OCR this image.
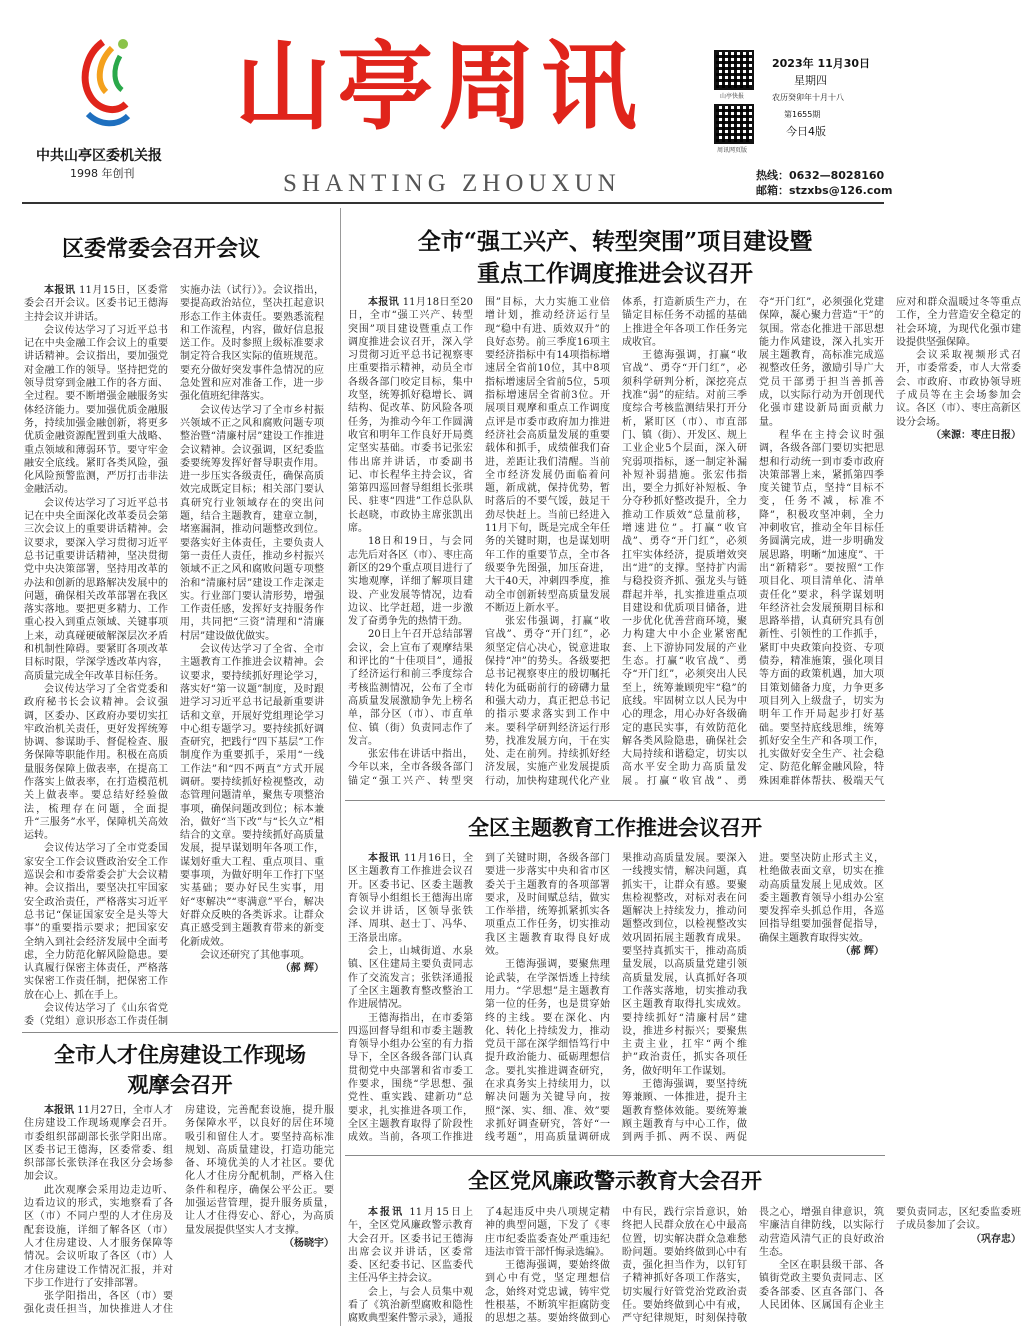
中共山亭区委机关报
1998 年创刊
山亭周讯
SHANTING ZHOUXUN
山亭快报
周讯网页版
2023年 11月30日
星期四
农历癸卯年十月十八
第1655期
今日4版
热线：0632—8028160
邮箱：stzxbs@126.com
区委常委会召开会议

本报讯 11月15日，区委常委会召开会议。区委书记王德海主持会议并讲话。

会议传达学习了习近平总书记在中央金融工作会议上的重要讲话精神。会议指出，要加强党对金融工作的领导。坚持把党的领导贯穿到金融工作的各方面、全过程。要不断增强金融服务实体经济能力。要加强优质金融服务，持续加强金融创新，将更多优质金融资源配置到重大战略、重点领域和薄弱环节。要守牢金融安全底线。紧盯各类风险，强化风险预警监测，严厉打击非法金融活动。

会议传达学习了习近平总书记在中央全面深化改革委员会第三次会议上的重要讲话精神。会议要求，要深入学习贯彻习近平总书记重要讲话精神，坚决贯彻党中央决策部署，坚持用改革的办法和创新的思路解决发展中的问题，确保相关改革部署在我区落实落地。要把更多精力、工作重心投入到重点领域、关键事项上来，动真碰硬破解深层次矛盾和机制性障碍。要紧盯各项改革目标时限，学深学透改革内容，高质量完成全年改革目标任务。

会议传达学习了全省党委和政府秘书长会议精神。会议强调，区委办、区政府办要切实扛牢政治机关责任，更好发挥统筹协调、参谋助手、督促检查、服务保障等职能作用。积极在高质量服务保障上做表率，在提高工作落实上做表率，在打造模范机关上做表率。要总结好经验做法，梳理存在问题，全面提升“三服务”水平，保障机关高效运转。

会议传达学习了全市党委国家安全工作会议暨政治安全工作巡误会和市委常委会扩大会议精神。会议指出，要坚决扛牢国家安全政治责任，严格落实习近平总书记“保证国家安全是头等大事”的重要指示要求；把国家安全纳入到社会经济发展中全面考虑，全力防范化解风险隐患。要认真履行保密主体责任，严格落实保密工作责任制，把保密工作放在心上、抓在手上。

会议传达学习了《山东省党委（党组）意识形态工作责任制实施办法（试行）》。会议指出，要提高政治站位，坚决扛起意识形态工作主体责任。要熟悉流程和工作流程，内容，做好信息报送工作。及时参照上级标准要求制定符合我区实际的值班规范。要充分做好突发事件急情况的应急处置和应对准备工作，进一步强化值班纪律落实。

会议传达学习了全市乡村振兴领域不正之风和腐败问题专项整治暨“清廉村居”建设工作推进会议精神。会议强调，区纪委监委要统筹发挥好督导职责作用。进一步压实各级责任，确保高质效完成既定目标；相关部门要认真研究行业领域存在的突出问题，结合主题教育，建章立制，堵塞漏洞，推动问题整改到位。要落实好主体责任，主要负责人第一责任人责任，推动乡村振兴领域不正之风和腐败问题专项整治和“清廉村居”建设工作走深走实。行业部门要认清形势，增强工作责任感，发挥好支持服务作用，共同把“三资”清理和“清廉村居”建设做优做实。

会议传达学习了全省、全市主题教育工作推进会议精神。会议要求，要持续抓好理论学习，落实好“第一议题”制度，及时跟进学习习近平总书记最新重要讲话和文章，开展好党组理论学习中心组专题学习。要持续抓好调查研究，把践行“四下基层”工作制度作为重要抓手，采用“一线工作法”和“四不两直”方式开展调研。要持续抓好检视整改，动态管理问题清单，聚焦专项整治事项，确保问题改到位；标本兼治，做好“当下改”与“长久立”相结合的文章。要持续抓好高质量发展，提早谋划明年各项工作，谋划好重大工程、重点项目、重要事项，为做好明年工作打下坚实基础；要办好民生实事，用好“枣解决”“枣满意”平台，解决好群众反映的各类诉求。让群众真正感受到主题教育带来的新变化新成效。

会议还研究了其他事项。

（郝 辉）
全市人才住房建设工作现场
观摩会召开

本报讯 11月27日，全市人才住房建设工作现场观摩会召开。市委组织部副部长张学阳出席。区委书记王德海，区委常委、组织部部长张铁泽在我区分会场参加会议。

此次观摩会采用边走边听、边看边议的形式，实地察看了各区（市）不同户型的人才住房及配套设施，详细了解各区（市）人才住房建设、人才服务保障等情况。会议听取了各区（市）人才住房建设工作情况汇报，并对下步工作进行了安排部署。

张学阳指出，各区（市）要强化责任担当，加快推进人才住房建设，完善配套设施，提升服务保障水平，以良好的居住环境吸引和留住人才。要坚持高标准规划、高质量建设，打造功能完备、环境优美的人才社区。要优化人才住房分配机制，严格入住条件和程序，确保公平公正。要加强运营管理，提升服务质量，让人才住得安心、舒心，为高质量发展提供坚实人才支撑。

（杨晓宇）
全市“强工兴产、转型突围”项目建设暨
重点工作调度推进会议召开

本报讯 11月18日至20日，全市“强工兴产、转型突围”项目建设暨重点工作调度推进会议召开，深入学习贯彻习近平总书记视察枣庄重要指示精神，动员全市各级各部门咬定目标，集中攻坚，统筹抓好稳增长、调结构、促改革、防风险各项任务，为推动今年工作圆满收官和明年工作良好开局奠定坚实基础。市委书记张宏伟出席并讲话，市委副书记、市长程华主持会议，省第第四巡回督导组组长张琪民、驻枣“四进”工作总队队长赵晓，市政协主席张凯出席。

18日和19日，与会同志先后对各区（市）、枣庄高新区的29个重点项目进行了实地观摩，详细了解项目建设、产业发展等情况，边看边议、比学赶超，进一步激发了奋勇争先的热情干劲。

20日上午召开总结部署会议，会上宣布了观摩结果和评比的“十佳项目”，通报了经济运行和前三季度综合考核监测情况，公布了全市高质量发展激励争先上榜名单，部分区（市）、市直单位、镇（街）负责同志作了发言。

张宏伟在讲话中指出，今年以来，全市各级各部门锚定“强工兴产、转型突围”目标，大力实施工业倍增计划，推动经济运行呈现“稳中有进、质效双升”的良好态势。前三季度16项主要经济指标中有14项指标增速居全省前10位，其中8项指标增速居全省前5位，5项指标增速居全省前3位。开展项目观摩和重点工作调度点评是市委市政府加力推进经济社会高质量发展的重要载体和抓手，成绩催我们奋进，差距让我们清醒。当前全市经济发展仍面临着问题，新成就，保持优势，暂时落后的不要气馁，鼓足干劲尽快赶上。当前已经进入11月下旬，既是完成全年任务的关键时期，也是谋划明年工作的重要节点，全市各级要争先图强，加压奋进，大干40天，冲刺四季度，推动全市创新转型高质量发展不断迈上新水平。

张宏伟强调，打赢“收官战”、勇夺“开门红”，必须坚定信心决心，锐意进取保持“冲”的势头。各级要把总书记视察枣庄的殷切嘱托转化为砥砺前行的磅礴力量和强大动力，真正把总书记的指示要求落实到工作中来。要科学研判经济运行形势，找准发展方向，干在实处、走在前列。持续抓好经济发展，实施产业发展提质行动，加快构建现代化产业体系，打造新质生产力，在锚定目标任务不动摇的基础上推进全年各项工作任务完成收官。

王德海强调，打赢“收官战”、勇夺“开门红”，必须科学研判分析，深挖亮点找准“弱”的症结。对前三季度综合考核监测结果打开分析，紧盯区（市）、市直部门、镇（街）、开发区、规上工业企业5个层面，深入研究弱项指标，逐一制定补漏补短补弱措施。张宏伟指出，要全力抓好补短板、争分夺秒抓好整改提升，全力推动工作质效“总量前移，增速进位”。打赢“收官战”、勇夺“开门红”，必须扛牢实体经济，提质增效突出“进”的支撑。坚持扩内需与稳投资齐抓、强龙头与链群起并举，扎实推进重点项目建设和优质项目储备，进一步优化优善营商环境，聚力构建大中小企业紧密配套、上下游协同发展的产业生态。打赢“收官战”、勇夺“开门红”，必须突出人民至上，统筹兼顾兜牢“稳”的底线。牢固树立以人民为中心的理念，用心办好各级确定的惠民实事，有效防范化解各类风险隐患，确保社会大局持续和谐稳定，切实以高水平安全助力高质量发展。打赢“收官战”、勇夺“开门红”，必须强化党建保障，凝心聚力营造“干”的氛围。常态化推进干部思想能力作风建设，深入扎实开展主题教育，高标准完成巡视整改任务，激励引导广大党员干部勇于担当善抓善成，以实际行动为开创现代化强市建设新局面贡献力量。

程华在主持会议时强调，各级各部门要切实把思想和行动统一到市委市政府决策部署上来，紧抓第四季度关键节点，坚持“目标不变，任务不减，标准不降”，积极攻坚冲刺，全力冲刺收官，推动全年目标任务圆满完成，进一步明确发展思路，明晰“加速度”、干出“新精彩”。要按照“工作项目化、项目清单化、清单责任化”要求，科学谋划明年经济社会发展预期目标和思路举措，认真研究具有创新性、引领性的工作抓手，紧盯中央政策向投资、专项债券，精准施策，强化项目等方面的政策机遇，加大项目策划储备力度，力争更多项目列入上级盘子，切实为明年工作开局起步打好基础。要坚持底线思维，统筹抓好安全生产和各项工作，扎实做好安全生产、社会稳定、防范化解金融风险，特殊困难群体帮扶、极端天气应对和群众温暖过冬等重点工作，全力营造安全稳定的社会环境，为现代化强市建设提供坚强保障。

会议采取视频形式召开，市委常委，市人大常委会、市政府、市政协领导班子成员等在主会场参加会议。各区（市）、枣庄高新区设分会场。

（来源：枣庄日报）
全区主题教育工作推进会议召开

本报讯 11月16日，全区主题教育工作推进会议召开。区委书记、区委主题教育领导小组组长王德海出席会议并讲话，区领导张铁泽、周琪、赵士丁、冯华、王洛景出席。

会上，山城街道、水泉镇、区住建局主要负责同志作了交流发言；张铁泽通报了全区主题教育整改整治工作进展情况。

王德海指出，在市委第四巡回督导组和市委主题教育领导小组办公室的有力指导下，全区各级各部门认真贯彻党中央部署和省市委工作要求，围绕“学思想、强党性、重实践、建新功”总要求，扎实推进各项工作，全区主题教育取得了阶段性成效。当前，各项工作推进到了关键时期，各级各部门要进一步落实中央和省市区委关于主题教育的各项部署要求，及时间赋总结，做实工作举措，统筹抓紧抓实各项重点工作任务，切实推动我区主题教育取得良好成效。

王德海强调，要聚焦理论武装，在学深悟透上持续用力。“学思想”是主题教育第一位的任务，也是贯穿始终的主线。要在深化、内化、转化上持续发力，推动党员干部在深学细悟笃行中提升政治能力、砥砺理想信念。要扎实推进调查研究，在求真务实上持续用力，以解决问题为关键导向，按照“深、实、细、准、效”要求抓好调查研究，答好“一线考题”，用高质量调研成果推动高质量发展。要深入一线搜实情，解决问题，真抓实干，让群众有感。要聚焦检视整改，对标对表在问题解决上持续发力，推动问题整改到位，以检视整改实效巩固拓展主题教育成果。要坚持真抓实干，推动高质量发展，以高质量党建引领高质量发展，认真抓好各项工作落实落地，切实推动我区主题教育取得扎实成效。要持续抓好“清廉村居”建设，推进乡村振兴；要聚焦主责主业，扛牢“两个维护”政治责任，抓实各项任务，做好明年工作谋划。

王德海强调，要坚持统筹兼顾、一体推进，提升主题教育整体效能。要统筹兼顾主题教育与中心工作，做到两手抓、两不误、两促进。要坚决防止形式主义，杜绝做表面文章，切实在推动高质量发展上见成效。区委主题教育领导小组办公室要发挥牵头抓总作用，各巡回指导组要加强督促指导，确保主题教育取得实效。

（郝 辉）
全区党风廉政警示教育大会召开

本报讯 11月15日上午，全区党风廉政警示教育大会召开。区委书记王德海出席会议并讲话，区委常委、区纪委书记、区监委代主任冯华主持会议。

会上，与会人员集中观看了《筑治新型腐败和隐性腐败典型案件警示录》，通报了4起违反中央八项规定精神的典型问题，下发了《枣庄市纪委监委查处严重违纪违法市管干部忏悔录选编》。

王德海强调，要始终做到心中有党，坚定理想信念，始终对党忠诚，铸牢党性根基，不断筑牢拒腐防变的思想之基。要始终做到心中有民，践行宗旨意识，始终把人民群众放在心中最高位置，切实解决群众急难愁盼问题。要始终做到心中有责，强化担当作为，以钉钉子精神抓好各项工作落实，切实履行好管党治党政治责任。要始终做到心中有戒，严守纪律规矩，时刻保持敬畏之心，增强自律意识，筑牢廉洁自律防线，以实际行动营造风清气正的良好政治生态。

全区在职县级干部、各镇街党政主要负责同志、区委各部委、区直各部门、各人民团体、区属国有企业主要负责同志，区纪委监委班子成员参加了会议。

（巩存忠）
